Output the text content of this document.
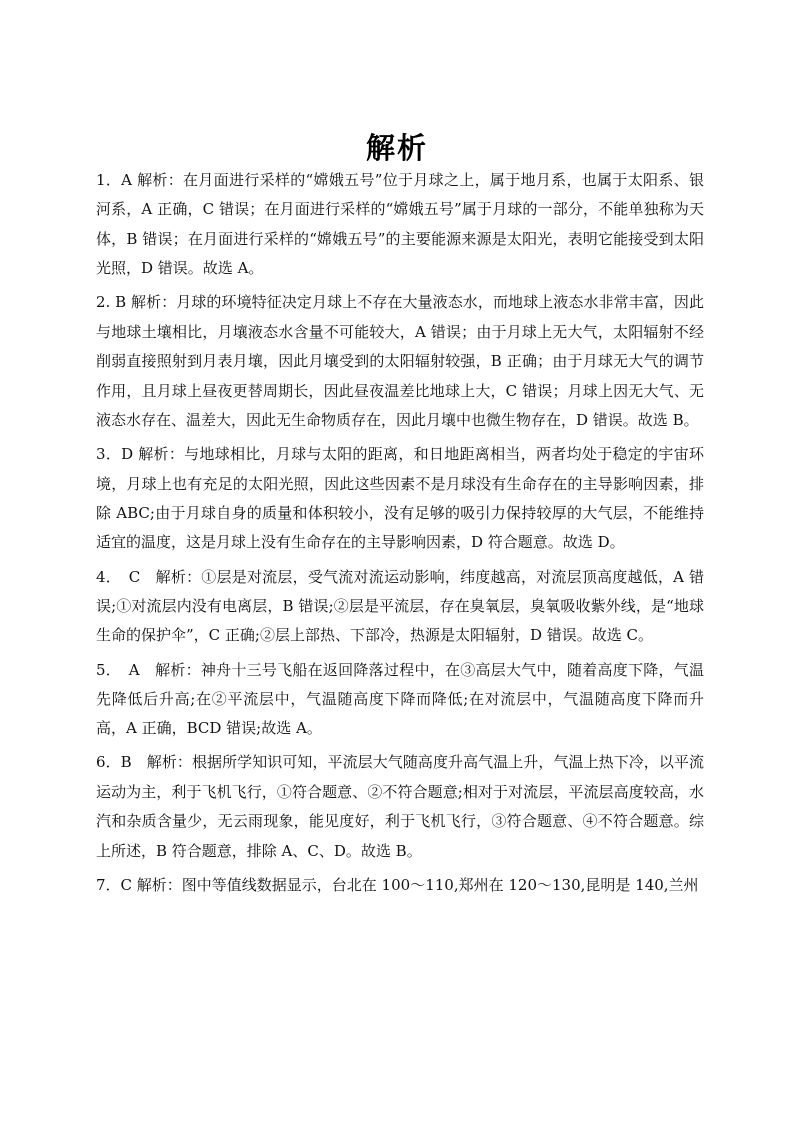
解析

1．A 解析：在月面进行采样的“嫦娥五号”位于月球之上，属于地月系，也属于太阳系、银河系，A 正确，C 错误；在月面进行采样的“嫦娥五号”属于月球的一部分，不能单独称为天体，B 错误；在月面进行采样的“嫦娥五号”的主要能源来源是太阳光，表明它能接受到太阳光照，D 错误。故选 A。

2. B 解析：月球的环境特征决定月球上不存在大量液态水，而地球上液态水非常丰富，因此与地球土壤相比，月壤液态水含量不可能较大，A 错误；由于月球上无大气，太阳辐射不经削弱直接照射到月表月壤，因此月壤受到的太阳辐射较强，B 正确；由于月球无大气的调节作用，且月球上昼夜更替周期长，因此昼夜温差比地球上大，C 错误；月球上因无大气、无液态水存在、温差大，因此无生命物质存在，因此月壤中也微生物存在，D 错误。故选 B。

3．D 解析：与地球相比，月球与太阳的距离，和日地距离相当，两者均处于稳定的宇宙环境，月球上也有充足的太阳光照，因此这些因素不是月球没有生命存在的主导影响因素，排除 ABC;由于月球自身的质量和体积较小，没有足够的吸引力保持较厚的大气层，不能维持适宜的温度，这是月球上没有生命存在的主导影响因素，D 符合题意。故选 D。

4．　C　解析：①层是对流层，受气流对流运动影响，纬度越高，对流层顶高度越低，A 错误;①对流层内没有电离层，B 错误;②层是平流层，存在臭氧层，臭氧吸收紫外线，是“地球生命的保护伞”，C 正确;②层上部热、下部冷，热源是太阳辐射，D 错误。故选 C。

5．　A　解析：神舟十三号飞船在返回降落过程中，在③高层大气中，随着高度下降，气温先降低后升高;在②平流层中，气温随高度下降而降低;在对流层中，气温随高度下降而升高，A 正确，BCD 错误;故选 A。

6．B　解析：根据所学知识可知，平流层大气随高度升高气温上升，气温上热下冷，以平流运动为主，利于飞机飞行，①符合题意、②不符合题意;相对于对流层，平流层高度较高，水汽和杂质含量少，无云雨现象，能见度好，利于飞机飞行，③符合题意、④不符合题意。综上所述，B 符合题意，排除 A、C、D。故选 B。

7．C 解析：图中等值线数据显示，台北在 100～110,郑州在 120～130,昆明是 140,兰州
